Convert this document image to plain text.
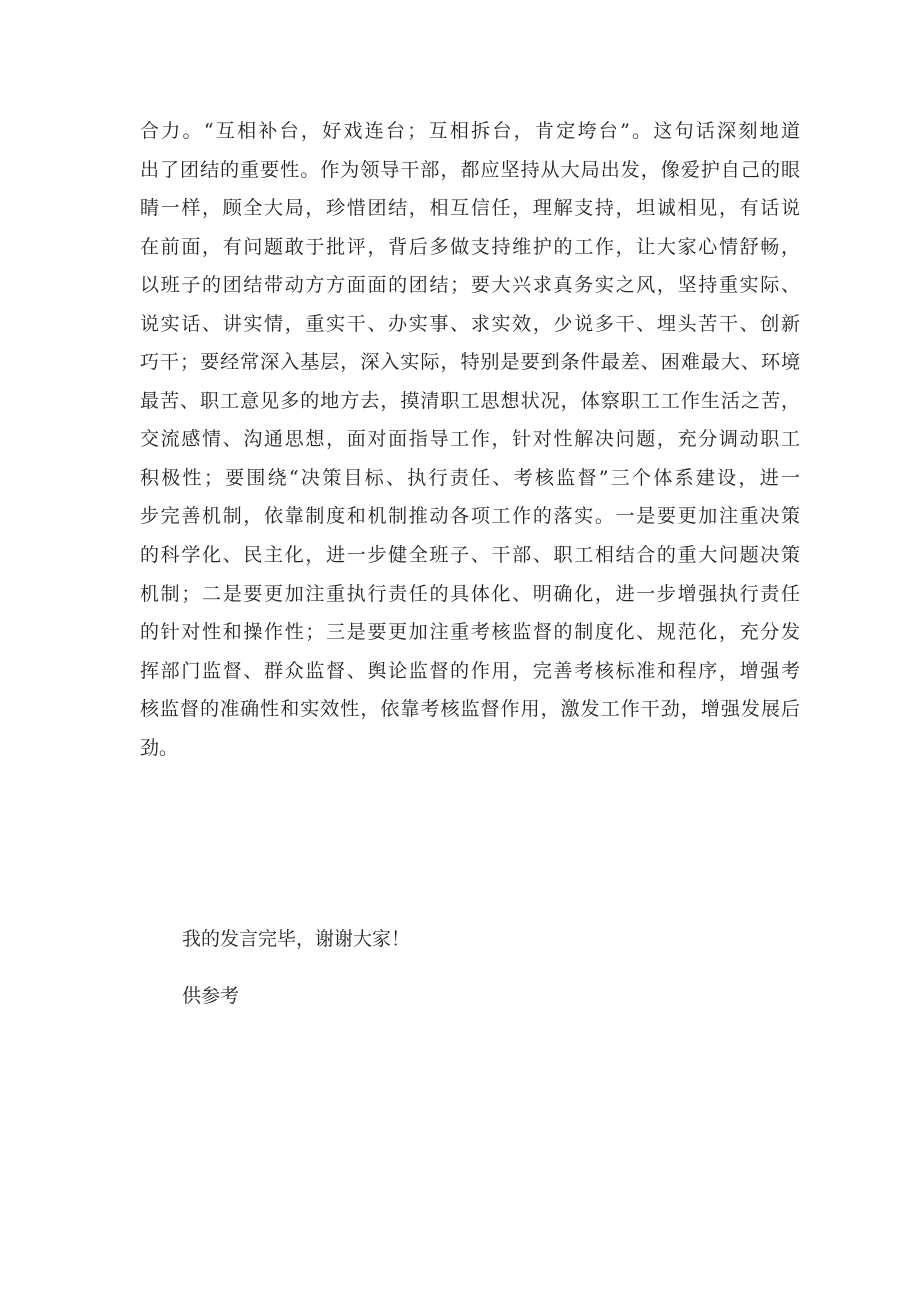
合力。“互相补台，好戏连台；互相拆台，肯定垮台”。这句话深刻地道
出了团结的重要性。作为领导干部，都应坚持从大局出发，像爱护自己的眼
睛一样，顾全大局，珍惜团结，相互信任，理解支持，坦诚相见，有话说
在前面，有问题敢于批评，背后多做支持维护的工作，让大家心情舒畅，
以班子的团结带动方方面面的团结；要大兴求真务实之风，坚持重实际、
说实话、讲实情，重实干、办实事、求实效，少说多干、埋头苦干、创新
巧干；要经常深入基层，深入实际，特别是要到条件最差、困难最大、环境
最苦、职工意见多的地方去，摸清职工思想状况，体察职工工作生活之苦，
交流感情、沟通思想，面对面指导工作，针对性解决问题，充分调动职工
积极性；要围绕“决策目标、执行责任、考核监督”三个体系建设，进一
步完善机制，依靠制度和机制推动各项工作的落实。一是要更加注重决策
的科学化、民主化，进一步健全班子、干部、职工相结合的重大问题决策
机制；二是要更加注重执行责任的具体化、明确化，进一步增强执行责任
的针对性和操作性；三是要更加注重考核监督的制度化、规范化，充分发
挥部门监督、群众监督、舆论监督的作用，完善考核标准和程序，增强考
核监督的准确性和实效性，依靠考核监督作用，激发工作干劲，增强发展后
劲。
我的发言完毕，谢谢大家！
供参考
